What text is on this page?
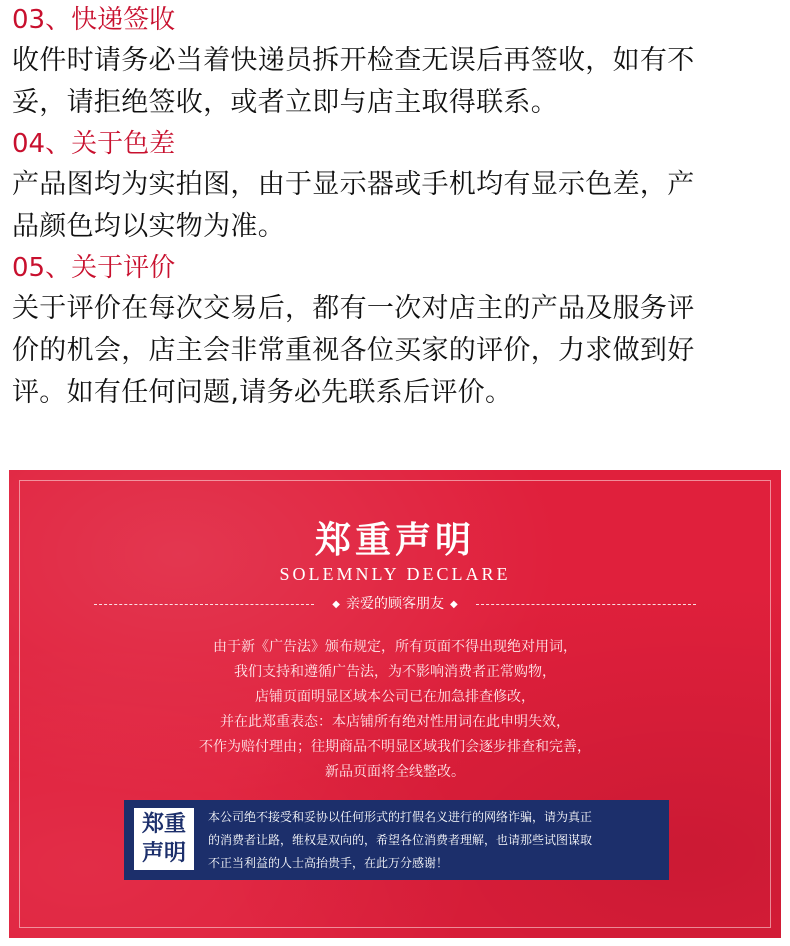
03、快递签收

收件时请务必当着快递员拆开检查无误后再签收，如有不
妥，请拒绝签收，或者立即与店主取得联系。

04、关于色差

产品图均为实拍图，由于显示器或手机均有显示色差，产
品颜色均以实物为准。

05、关于评价

关于评价在每次交易后，都有一次对店主的产品及服务评
价的机会，店主会非常重视各位买家的评价，力求做到好
评。如有任何问题,请务必先联系后评价。

郑重声明
SOLEMNLY DECLARE
◆ 亲爱的顾客朋友 ◆

由于新《广告法》颁布规定，所有页面不得出现绝对用词，
我们支持和遵循广告法，为不影响消费者正常购物，
店铺页面明显区域本公司已在加急排查修改，
并在此郑重表态：本店铺所有绝对性用词在此申明失效，
不作为赔付理由；往期商品不明显区域我们会逐步排查和完善，
新品页面将全线整改。

郑重
声明

本公司绝不接受和妥协以任何形式的打假名义进行的网络诈骗，请为真正
的消费者让路，维权是双向的，希望各位消费者理解，也请那些试图谋取
不正当利益的人士高抬贵手，在此万分感谢！
